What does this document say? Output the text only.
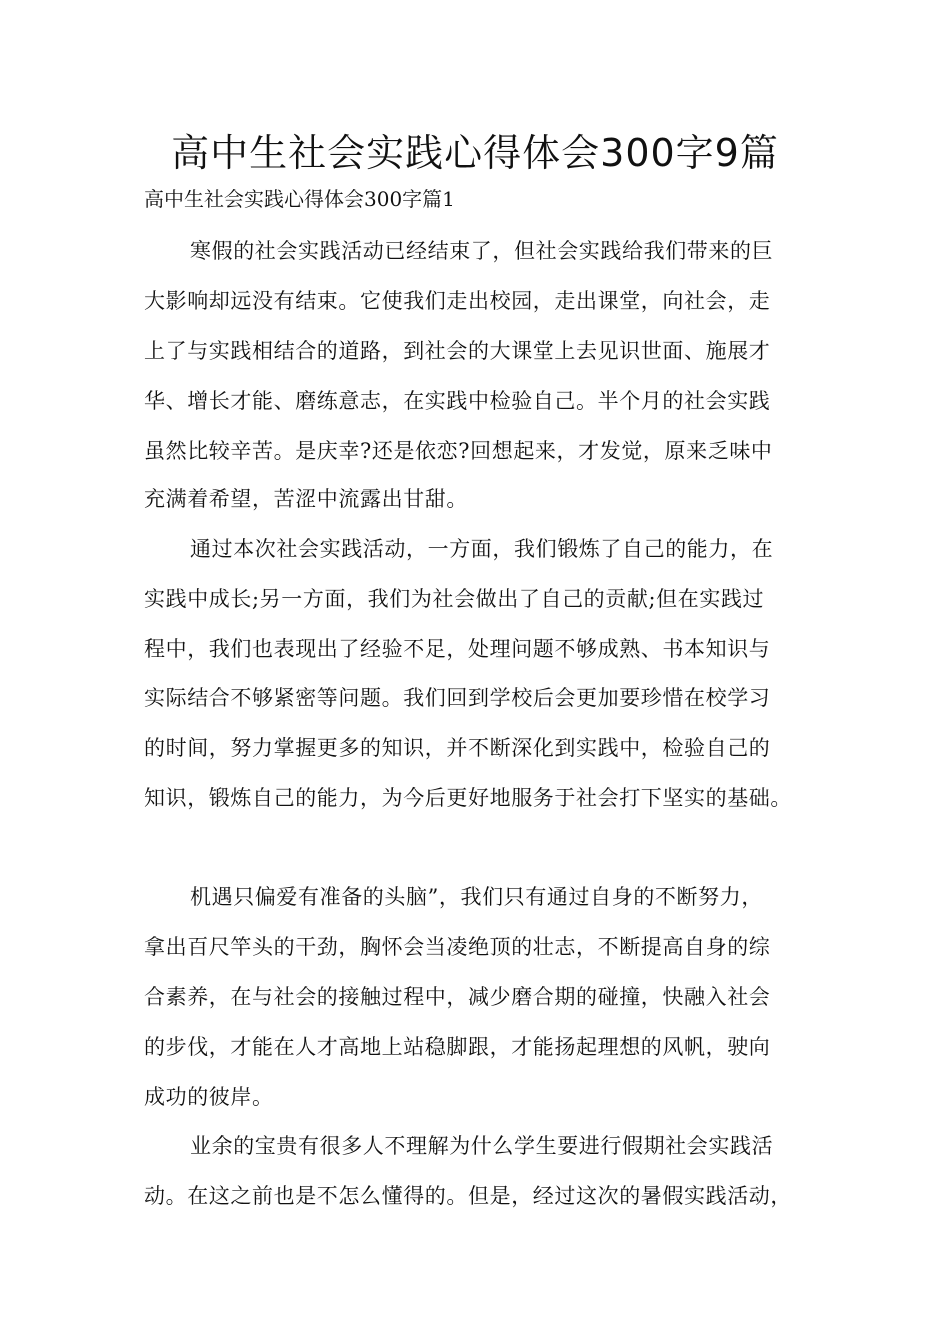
高中生社会实践心得体会300字9篇
高中生社会实践心得体会300字篇1
寒假的社会实践活动已经结束了，但社会实践给我们带来的巨
大影响却远没有结束。它使我们走出校园，走出课堂，向社会，走
上了与实践相结合的道路，到社会的大课堂上去见识世面、施展才
华、增长才能、磨练意志，在实践中检验自己。半个月的社会实践
虽然比较辛苦。是庆幸?还是依恋?回想起来，才发觉，原来乏味中
充满着希望，苦涩中流露出甘甜。
通过本次社会实践活动，一方面，我们锻炼了自己的能力，在
实践中成长;另一方面，我们为社会做出了自己的贡献;但在实践过
程中，我们也表现出了经验不足，处理问题不够成熟、书本知识与
实际结合不够紧密等问题。我们回到学校后会更加要珍惜在校学习
的时间，努力掌握更多的知识，并不断深化到实践中，检验自己的
知识，锻炼自己的能力，为今后更好地服务于社会打下坚实的基础。
机遇只偏爱有准备的头脑”，我们只有通过自身的不断努力，
拿出百尺竿头的干劲，胸怀会当凌绝顶的壮志，不断提高自身的综
合素养，在与社会的接触过程中，减少磨合期的碰撞，快融入社会
的步伐，才能在人才高地上站稳脚跟，才能扬起理想的风帆，驶向
成功的彼岸。
业余的宝贵有很多人不理解为什么学生要进行假期社会实践活
动。在这之前也是不怎么懂得的。但是，经过这次的暑假实践活动，
